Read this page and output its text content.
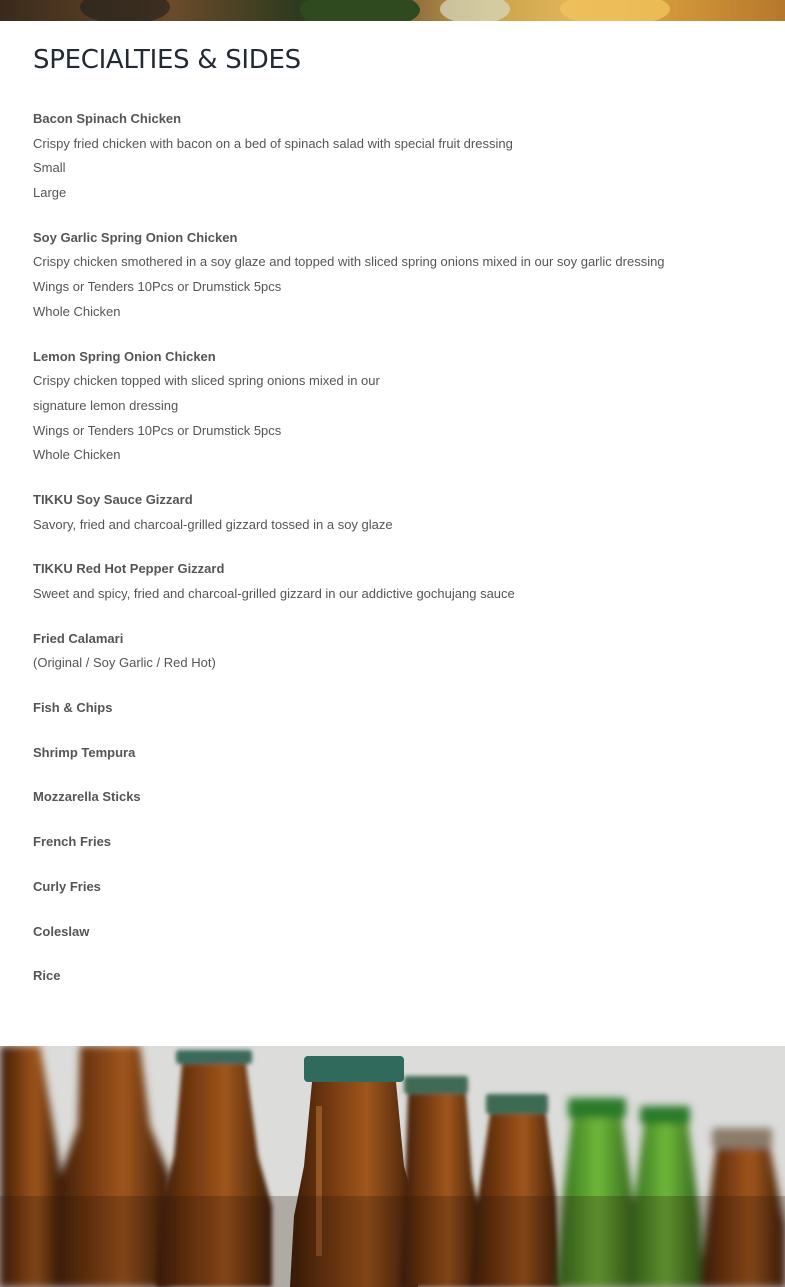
SPECIALTIES & SIDES
Bacon Spinach Chicken
Crispy fried chicken with bacon on a bed of spinach salad with special fruit dressing
Small
Large
Soy Garlic Spring Onion Chicken
Crispy chicken smothered in a soy glaze and topped with sliced spring onions mixed in our soy garlic dressing
Wings or Tenders 10Pcs or Drumstick 5pcs
Whole Chicken
Lemon Spring Onion Chicken
Crispy chicken topped with sliced spring onions mixed in our
signature lemon dressing
Wings or Tenders 10Pcs or Drumstick 5pcs
Whole Chicken
TIKKU Soy Sauce Gizzard
Savory, fried and charcoal-grilled gizzard tossed in a soy glaze
TIKKU Red Hot Pepper Gizzard
Sweet and spicy, fried and charcoal-grilled gizzard in our addictive gochujang sauce
Fried Calamari
(Original / Soy Garlic / Red Hot)
Fish & Chips
Shrimp Tempura
Mozzarella Sticks
French Fries
Curly Fries
Coleslaw
Rice
